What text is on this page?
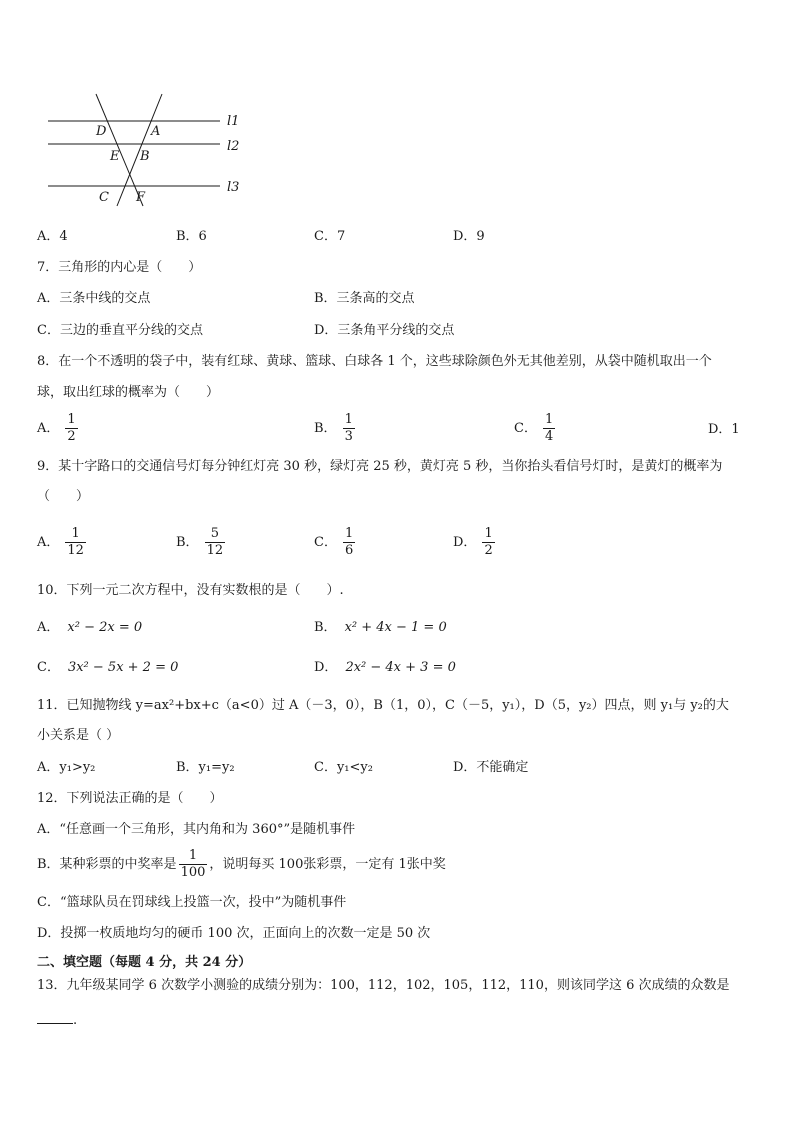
l1
l2
l3
D	A
E B
C F
A．4	B．6	C．7	D．9
7．三角形的内心是（　　）
A．三条中线的交点	B．三条高的交点
C．三边的垂直平分线的交点	D．三条角平分线的交点
8．在一个不透明的袋子中，装有红球、黄球、篮球、白球各 1 个，这些球除颜色外无其他差别，从袋中随机取出一个
球，取出红球的概率为（　　）
A． $\frac{1}{2}$	B． $\frac{1}{3}$	C． $\frac{1}{4}$	D．1
9．某十字路口的交通信号灯每分钟红灯亮 30 秒，绿灯亮 25 秒，黄灯亮 5 秒，当你抬头看信号灯时，是黄灯的概率为
（　　）
A． $\frac{1}{12}$	B． $\frac{5}{12}$	C． $\frac{1}{6}$	D． $\frac{1}{2}$
10．下列一元二次方程中，没有实数根的是（　　）.
A． x² − 2x = 0	B． x² + 4x − 1 = 0
C． 3x² − 5x + 2 = 0	D． 2x² − 4x + 3 = 0
11．已知抛物线 y=ax²+bx+c（a<0）过 A（－3，0），B（1，0），C（－5，y₁），D（5，y₂）四点，则 y₁与 y₂的大
小关系是（ ）
A．y₁>y₂	B．y₁=y₂	C．y₁<y₂	D．不能确定
12．下列说法正确的是（　　）
A．“任意画一个三角形，其内角和为 360°”是随机事件
B．某种彩票的中奖率是 $\frac{1}{100}$ ，说明每买 100张彩票，一定有 1张中奖
C．“篮球队员在罚球线上投篮一次，投中”为随机事件
D．投掷一枚质地均匀的硬币 100 次，正面向上的次数一定是 50 次
二、填空题（每题 4 分，共 24 分）
13．九年级某同学 6 次数学小测验的成绩分别为：100，112，102，105，112，110，则该同学这 6 次成绩的众数是
.
